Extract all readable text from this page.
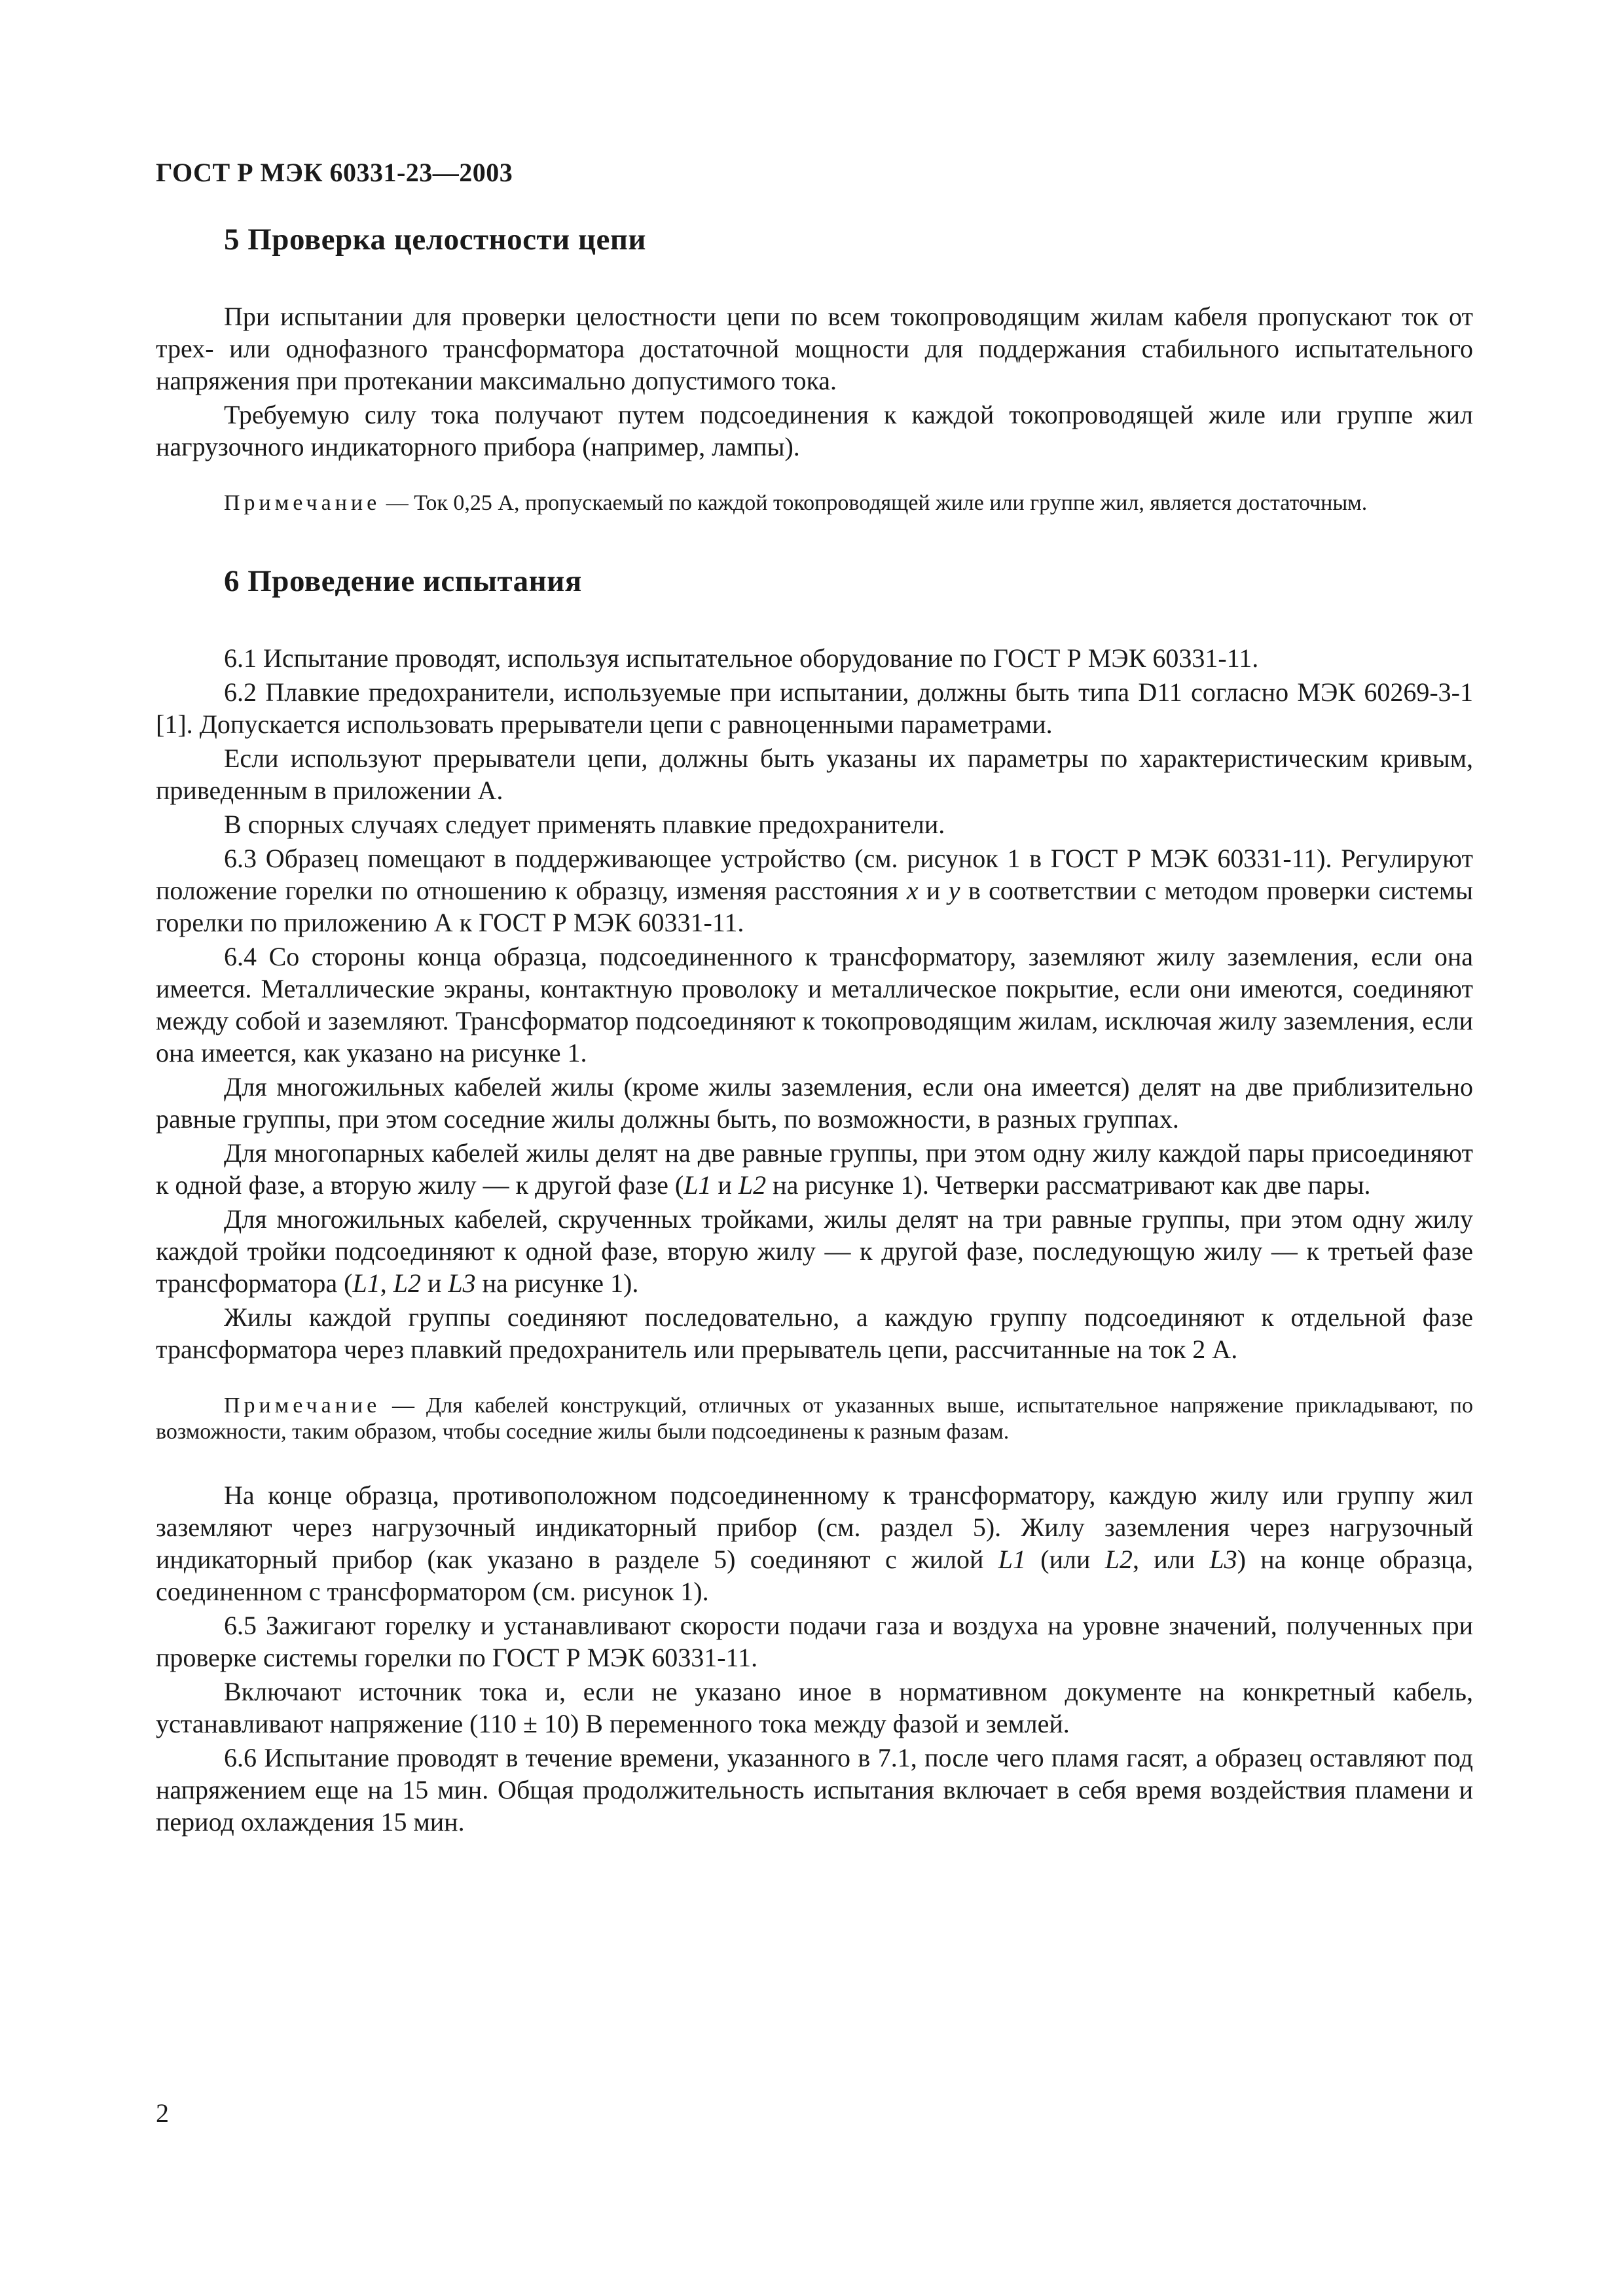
ГОСТ Р МЭК 60331-23—2003
5 Проверка целостности цепи

При испытании для проверки целостности цепи по всем токопроводящим жилам кабеля пропускают ток от трех- или однофазного трансформатора достаточной мощности для поддержания стабильного испытательного напряжения при протекании максимально допустимого тока.

Требуемую силу тока получают путем подсоединения к каждой токопроводящей жиле или группе жил нагрузочного индикаторного прибора (например, лампы).

Примечание — Ток 0,25 А, пропускаемый по каждой токопроводящей жиле или группе жил, является достаточным.

6 Проведение испытания

6.1 Испытание проводят, используя испытательное оборудование по ГОСТ Р МЭК 60331-11.

6.2 Плавкие предохранители, используемые при испытании, должны быть типа D11 согласно МЭК 60269-3-1 [1]. Допускается использовать прерыватели цепи с равноценными параметрами.

Если используют прерыватели цепи, должны быть указаны их параметры по характеристическим кривым, приведенным в приложении А.

В спорных случаях следует применять плавкие предохранители.

6.3 Образец помещают в поддерживающее устройство (см. рисунок 1 в ГОСТ Р МЭК 60331-11). Регулируют положение горелки по отношению к образцу, изменяя расстояния x и y в соответствии с методом проверки системы горелки по приложению А к ГОСТ Р МЭК 60331-11.

6.4 Со стороны конца образца, подсоединенного к трансформатору, заземляют жилу заземления, если она имеется. Металлические экраны, контактную проволоку и металлическое покрытие, если они имеются, соединяют между собой и заземляют. Трансформатор подсоединяют к токопроводящим жилам, исключая жилу заземления, если она имеется, как указано на рисунке 1.

Для многожильных кабелей жилы (кроме жилы заземления, если она имеется) делят на две приблизительно равные группы, при этом соседние жилы должны быть, по возможности, в разных группах.

Для многопарных кабелей жилы делят на две равные группы, при этом одну жилу каждой пары присоединяют к одной фазе, а вторую жилу — к другой фазе (L1 и L2 на рисунке 1). Четверки рассматривают как две пары.

Для многожильных кабелей, скрученных тройками, жилы делят на три равные группы, при этом одну жилу каждой тройки подсоединяют к одной фазе, вторую жилу — к другой фазе, последующую жилу — к третьей фазе трансформатора (L1, L2 и L3 на рисунке 1).

Жилы каждой группы соединяют последовательно, а каждую группу подсоединяют к отдельной фазе трансформатора через плавкий предохранитель или прерыватель цепи, рассчитанные на ток 2 А.

Примечание — Для кабелей конструкций, отличных от указанных выше, испытательное напряжение прикладывают, по возможности, таким образом, чтобы соседние жилы были подсоединены к разным фазам.

На конце образца, противоположном подсоединенному к трансформатору, каждую жилу или группу жил заземляют через нагрузочный индикаторный прибор (см. раздел 5). Жилу заземления через нагрузочный индикаторный прибор (как указано в разделе 5) соединяют с жилой L1 (или L2, или L3) на конце образца, соединенном с трансформатором (см. рисунок 1).

6.5 Зажигают горелку и устанавливают скорости подачи газа и воздуха на уровне значений, полученных при проверке системы горелки по ГОСТ Р МЭК 60331-11.

Включают источник тока и, если не указано иное в нормативном документе на конкретный кабель, устанавливают напряжение (110 ± 10) В переменного тока между фазой и землей.

6.6 Испытание проводят в течение времени, указанного в 7.1, после чего пламя гасят, а образец оставляют под напряжением еще на 15 мин. Общая продолжительность испытания включает в себя время воздействия пламени и период охлаждения 15 мин.

2
